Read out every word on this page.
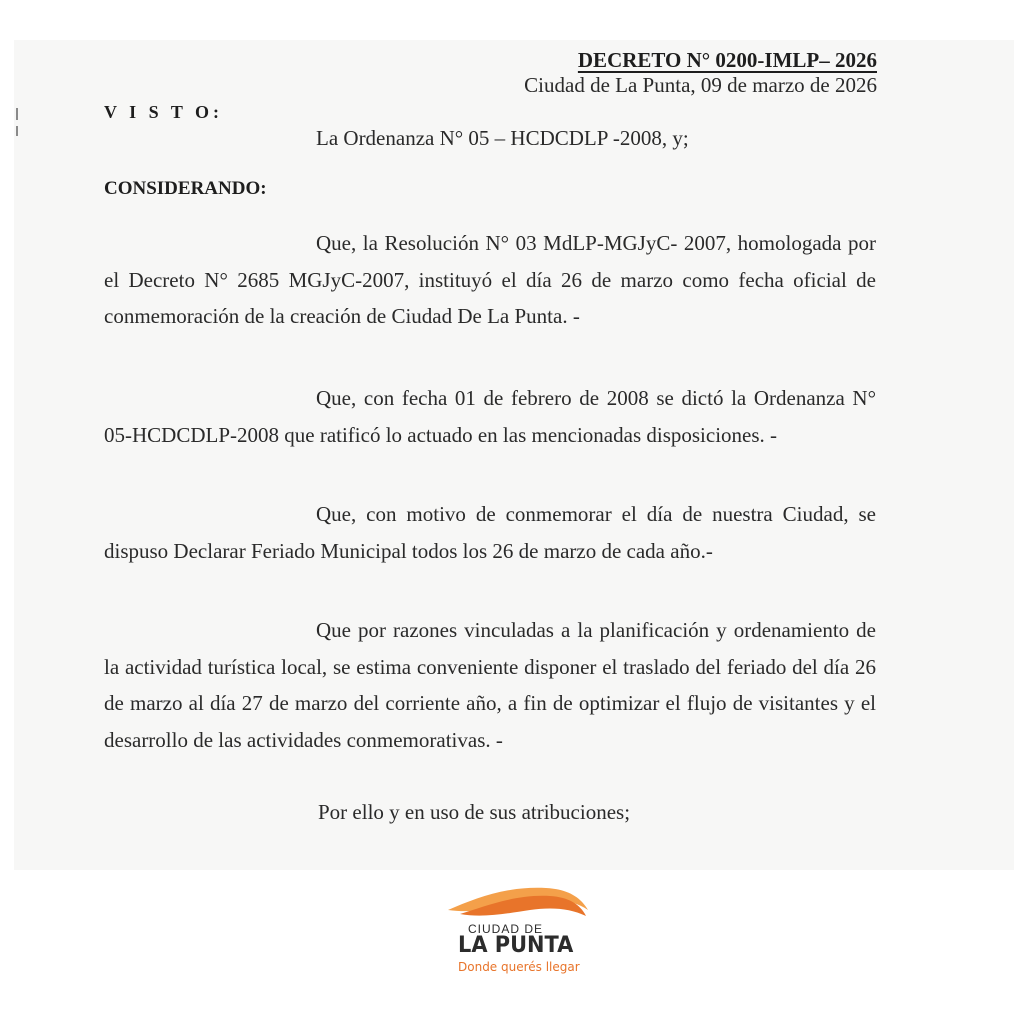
DECRETO N° 0200-IMLP– 2026
Ciudad de La Punta, 09 de marzo de 2026
V I S T O:
La Ordenanza N° 05 – HCDCDLP -2008, y;
CONSIDERANDO:
Que, la Resolución N° 03 MdLP-MGJyC- 2007, homologada por el Decreto N° 2685 MGJyC-2007, instituyó el día 26 de marzo como fecha oficial de conmemoración de la creación de Ciudad De La Punta. -
Que, con fecha 01 de febrero de 2008 se dictó la Ordenanza N° 05-HCDCDLP-2008 que ratificó lo actuado en las mencionadas disposiciones. -
Que, con motivo de conmemorar el día de nuestra Ciudad, se dispuso Declarar Feriado Municipal todos los 26 de marzo de cada año.-
Que por razones vinculadas a la planificación y ordenamiento de la actividad turística local, se estima conveniente disponer el traslado del feriado del día 26 de marzo al día 27 de marzo del corriente año, a fin de optimizar el flujo de visitantes y el desarrollo de las actividades conmemorativas. -
Por ello y en uso de sus atribuciones;
CIUDAD DE
LA PUNTA
Donde querés llegar
